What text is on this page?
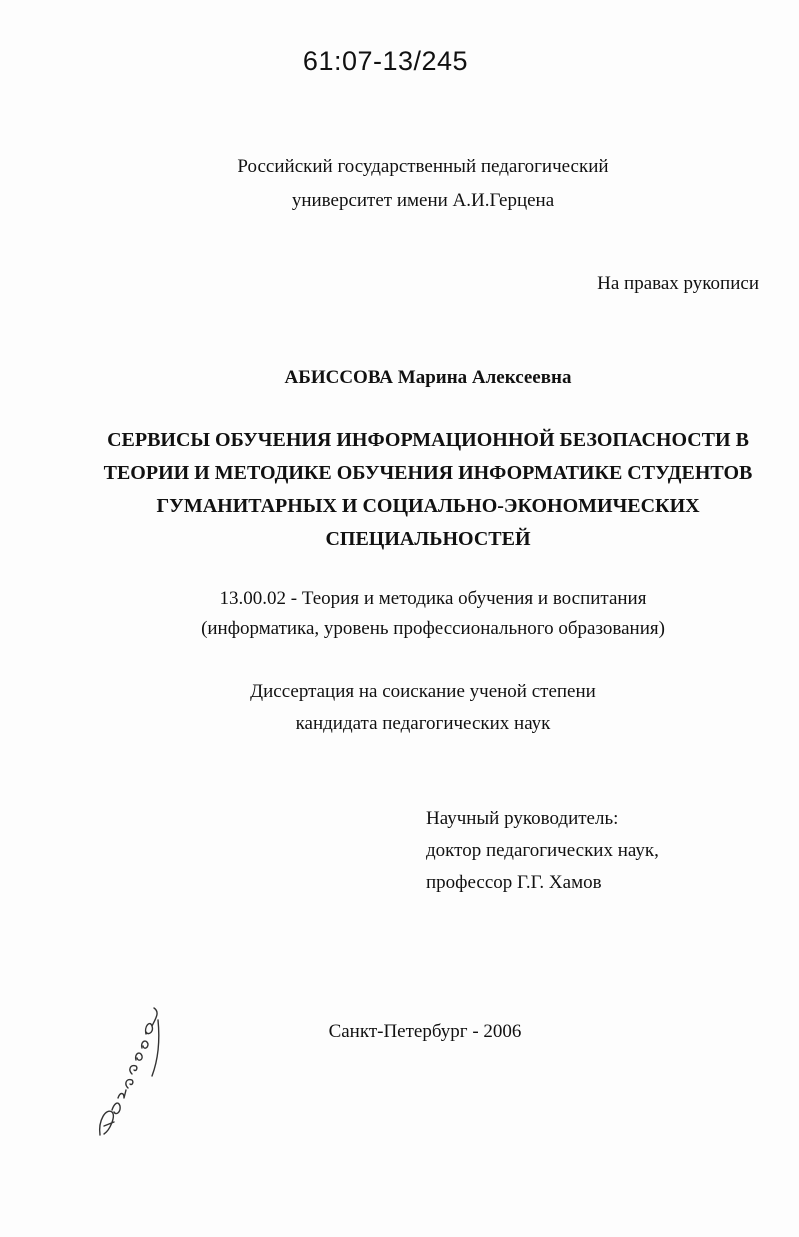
61:07-13/245
Российский государственный педагогический
университет имени А.И.Герцена
На правах рукописи
АБИССОВА Марина Алексеевна
СЕРВИСЫ ОБУЧЕНИЯ ИНФОРМАЦИОННОЙ БЕЗОПАСНОСТИ В
ТЕОРИИ И МЕТОДИКЕ ОБУЧЕНИЯ ИНФОРМАТИКЕ СТУДЕНТОВ
ГУМАНИТАРНЫХ И СОЦИАЛЬНО-ЭКОНОМИЧЕСКИХ
СПЕЦИАЛЬНОСТЕЙ
13.00.02 - Теория и методика обучения и воспитания
(информатика, уровень профессионального образования)
Диссертация на соискание ученой степени
кандидата педагогических наук
Научный руководитель:
доктор педагогических наук,
профессор Г.Г. Хамов
Санкт-Петербург - 2006
